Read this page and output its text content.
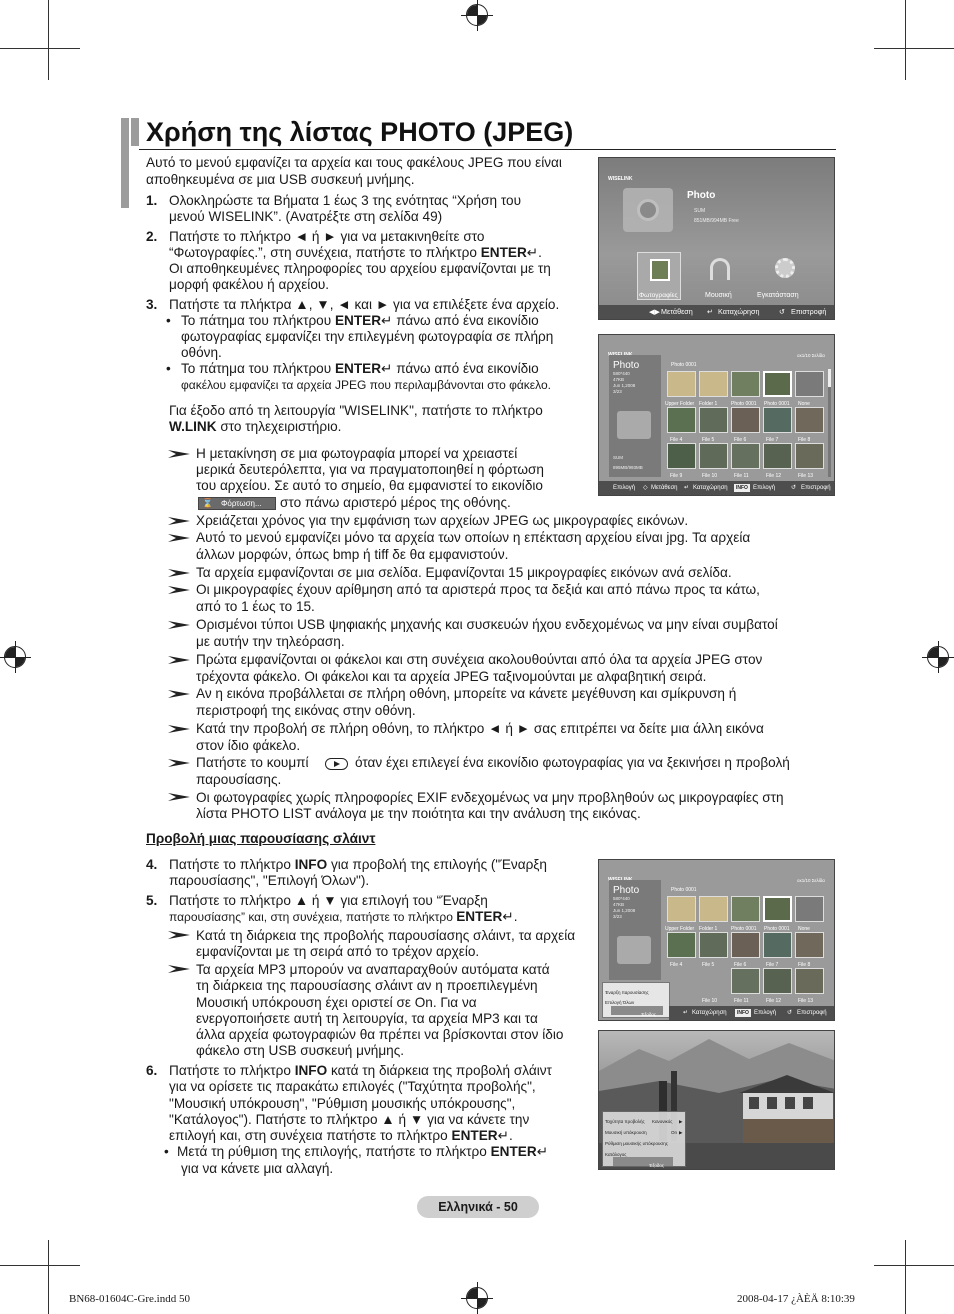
Χρήση της λίστας PHOTO (JPEG)
Αυτό το μενού εμφανίζει τα αρχεία και τους φακέλους JPEG που είναι
αποθηκευμένα σε μια USB συσκευή μνήμης.
1. Ολοκληρώστε τα Βήματα 1 έως 3 της ενότητας “Χρήση του
μενού WISELINK”. (Ανατρέξτε στη σελίδα 49)
2. Πατήστε το πλήκτρο ◄ ή ► για να μετακινηθείτε στο
“Φωτογραφίες.”, στη συνέχεια, πατήστε το πλήκτρο ENTER↵.
Οι αποθηκευμένες πληροφορίες του αρχείου εμφανίζονται με τη
μορφή φακέλου ή αρχείου.
3. Πατήστε τα πλήκτρα ▲, ▼, ◄ και ► για να επιλέξετε ένα αρχείο.
• Το πάτημα του πλήκτρου ENTER↵ πάνω από ένα εικονίδιο
φωτογραφίας εμφανίζει την επιλεγμένη φωτογραφία σε πλήρη
οθόνη.
• Το πάτημα του πλήκτρου ENTER↵ πάνω από ένα εικονίδιο
φακέλου εμφανίζει τα αρχεία JPEG που περιλαμβάνονται στο φάκελο.
Για έξοδο από τη λειτουργία "WISELINK", πατήστε το πλήκτρο
W.LINK στο τηλεχειριστήριο.
Η μετακίνηση σε μια φωτογραφία μπορεί να χρειαστεί
μερικά δευτερόλεπτα, για να πραγματοποιηθεί η φόρτωση
του αρχείου. Σε αυτό το σημείο, θα εμφανιστεί το εικονίδιο
⌛ Φόρτωση... στο πάνω αριστερό μέρος της οθόνης.
Χρειάζεται χρόνος για την εμφάνιση των αρχείων JPEG ως μικρογραφίες εικόνων.
Αυτό το μενού εμφανίζει μόνο τα αρχεία των οποίων η επέκταση αρχείου είναι jpg. Τα αρχεία
άλλων μορφών, όπως bmp ή tiff δε θα εμφανιστούν.
Τα αρχεία εμφανίζονται σε μια σελίδα. Εμφανίζονται 15 μικρογραφίες εικόνων ανά σελίδα.
Οι μικρογραφίες έχουν αρίθμηση από τα αριστερά προς τα δεξιά και από πάνω προς τα κάτω,
από το 1 έως το 15.
Ορισμένοι τύποι USB ψηφιακής μηχανής και συσκευών ήχου ενδεχομένως να μην είναι συμβατοί
με αυτήν την τηλεόραση.
Πρώτα εμφανίζονται οι φάκελοι και στη συνέχεια ακολουθούνται από όλα τα αρχεία JPEG στον
τρέχοντα φάκελο. Οι φάκελοι και τα αρχεία JPEG ταξινομούνται με αλφαβητική σειρά.
Αν η εικόνα προβάλλεται σε πλήρη οθόνη, μπορείτε να κάνετε μεγέθυνση και σμίκρυνση ή
περιστροφή της εικόνας στην οθόνη.
Κατά την προβολή σε πλήρη οθόνη, το πλήκτρο ◄ ή ► σας επιτρέπει να δείτε μια άλλη εικόνα
στον ίδιο φάκελο.
Πατήστε το κουμπί	όταν έχει επιλεγεί ένα εικονίδιο φωτογραφίας για να ξεκινήσει η προβολή
παρουσίασης.
Οι φωτογραφίες χωρίς πληροφορίες EXIF ενδεχομένως να μην προβληθούν ως μικρογραφίες στη
λίστα PHOTO LIST ανάλογα με την ποιότητα και την ανάλυση της εικόνας.
Προβολή μιας παρουσίασης σλάιντ
4. Πατήστε το πλήκτρο INFO για προβολή της επιλογής ("Έναρξη
παρουσίασης", "Επιλογή Όλων").
5. Πατήστε το πλήκτρο ▲ ή ▼ για επιλογή του “Έναρξη
παρουσίασης” και, στη συνέχεια, πατήστε το πλήκτρο ENTER↵.
Κατά τη διάρκεια της προβολής παρουσίασης σλάιντ, τα αρχεία
εμφανίζονται με τη σειρά από το τρέχον αρχείο.
Τα αρχεία MP3 μπορούν να αναπαραχθούν αυτόματα κατά
τη διάρκεια της παρουσίασης σλάιντ αν η προεπιλεγμένη
Μουσική υπόκρουση έχει οριστεί σε On. Για να
ενεργοποιήσετε αυτή τη λειτουργία, τα αρχεία MP3 και τα
άλλα αρχεία φωτογραφιών θα πρέπει να βρίσκονται στον ίδιο
φάκελο στη USB συσκευή μνήμης.
6. Πατήστε το πλήκτρο INFO κατά τη διάρκεια της προβολή σλάιντ
για να ορίσετε τις παρακάτω επιλογές ("Ταχύτητα προβολής",
"Μουσική υπόκρουση", "Ρύθμιση μουσικής υπόκρουσης",
"Κατάλογος"). Πατήστε το πλήκτρο ▲ ή ▼ για να κάνετε την
επιλογή και, στη συνέχεια πατήστε το πλήκτρο ENTER↵.
• Μετά τη ρύθμιση της επιλογής, πατήστε το πλήκτρο ENTER↵
για να κάνετε μια αλλαγή.
WISELINK
Photo
SUM
851MB/994MB Free
Φωτογραφίες	Μουσική	Εγκατάσταση
◀▶ Μετάθεση ↵ Καταχώρηση	↺ Επιστροφή
ox1/10 Σελίδα
Photo
580*440
47KB
Jun 1,2008
3/23
SUM
895MB/993MB
Photo 0001
Upper Folder Folder 1	Photo 0001 Photo 0001 None
File 4	File 5	File 6	File 7	File 8
File 9	File 10	File 11	File 12	File 13
Επιλογή ◇ Μετάθεση ↵ Καταχώρηση	INFO Επιλογή	↺ Επιστροφή
ox1/10 Σελίδα
Photo
580*440
47KB
Jun 1,2008
3/23
Photo 0001
Upper Folder Folder 1	Photo 0001 Photo 0001 None
File 4	File 5	File 6	File 7	File 8
File 10	File 11	File 12	File 13
Έναρξη παρουσίασης
Επιλογή Όλων
Έξοδος	↵ Καταχώρηση	INFO Επιλογή ↺ Επιστροφή
Ταχύτητα προβολής Κανονικός ▶
Μουσική υπόκρουση	On ▶
Ρύθμιση μουσικής υπόκρουσης
Κατάλογος
Έξοδος
Ελληνικά - 50
BN68-01604C-Gre.indd 50	2008-04-17 ¿ÀÈÄ 8:10:39
